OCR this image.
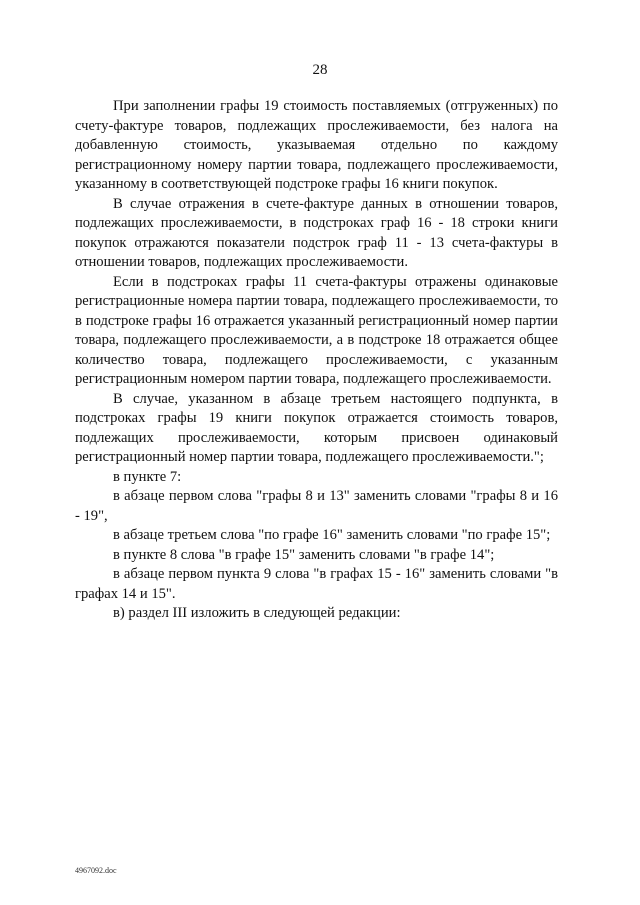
28

При заполнении графы 19 стоимость поставляемых (отгруженных) по счету-фактуре товаров, подлежащих прослеживаемости, без налога на добавленную стоимость, указываемая отдельно по каждому регистрационному номеру партии товара, подлежащего прослеживаемости, указанному в соответствующей подстроке графы 16 книги покупок.

В случае отражения в счете-фактуре данных в отношении товаров, подлежащих прослеживаемости, в подстроках граф 16 - 18 строки книги покупок отражаются показатели подстрок граф 11 - 13 счета-фактуры в отношении товаров, подлежащих прослеживаемости.

Если в подстроках графы 11 счета-фактуры отражены одинаковые регистрационные номера партии товара, подлежащего прослеживаемости, то в подстроке графы 16 отражается указанный регистрационный номер партии товара, подлежащего прослеживаемости, а в подстроке 18 отражается общее количество товара, подлежащего прослеживаемости, с указанным регистрационным номером партии товара, подлежащего прослеживаемости.

В случае, указанном в абзаце третьем настоящего подпункта, в подстроках графы 19 книги покупок отражается стоимость товаров, подлежащих прослеживаемости, которым присвоен одинаковый регистрационный номер партии товара, подлежащего прослеживаемости.";

в пункте 7:

в абзаце первом слова "графы 8 и 13" заменить словами "графы 8 и 16 - 19",

в абзаце третьем слова "по графе 16" заменить словами "по графе 15";

в пункте 8 слова "в графе 15" заменить словами "в графе 14";

в абзаце первом пункта 9 слова "в графах 15 - 16" заменить словами "в графах 14 и 15".

в) раздел III изложить в следующей редакции:

4967092.doc
